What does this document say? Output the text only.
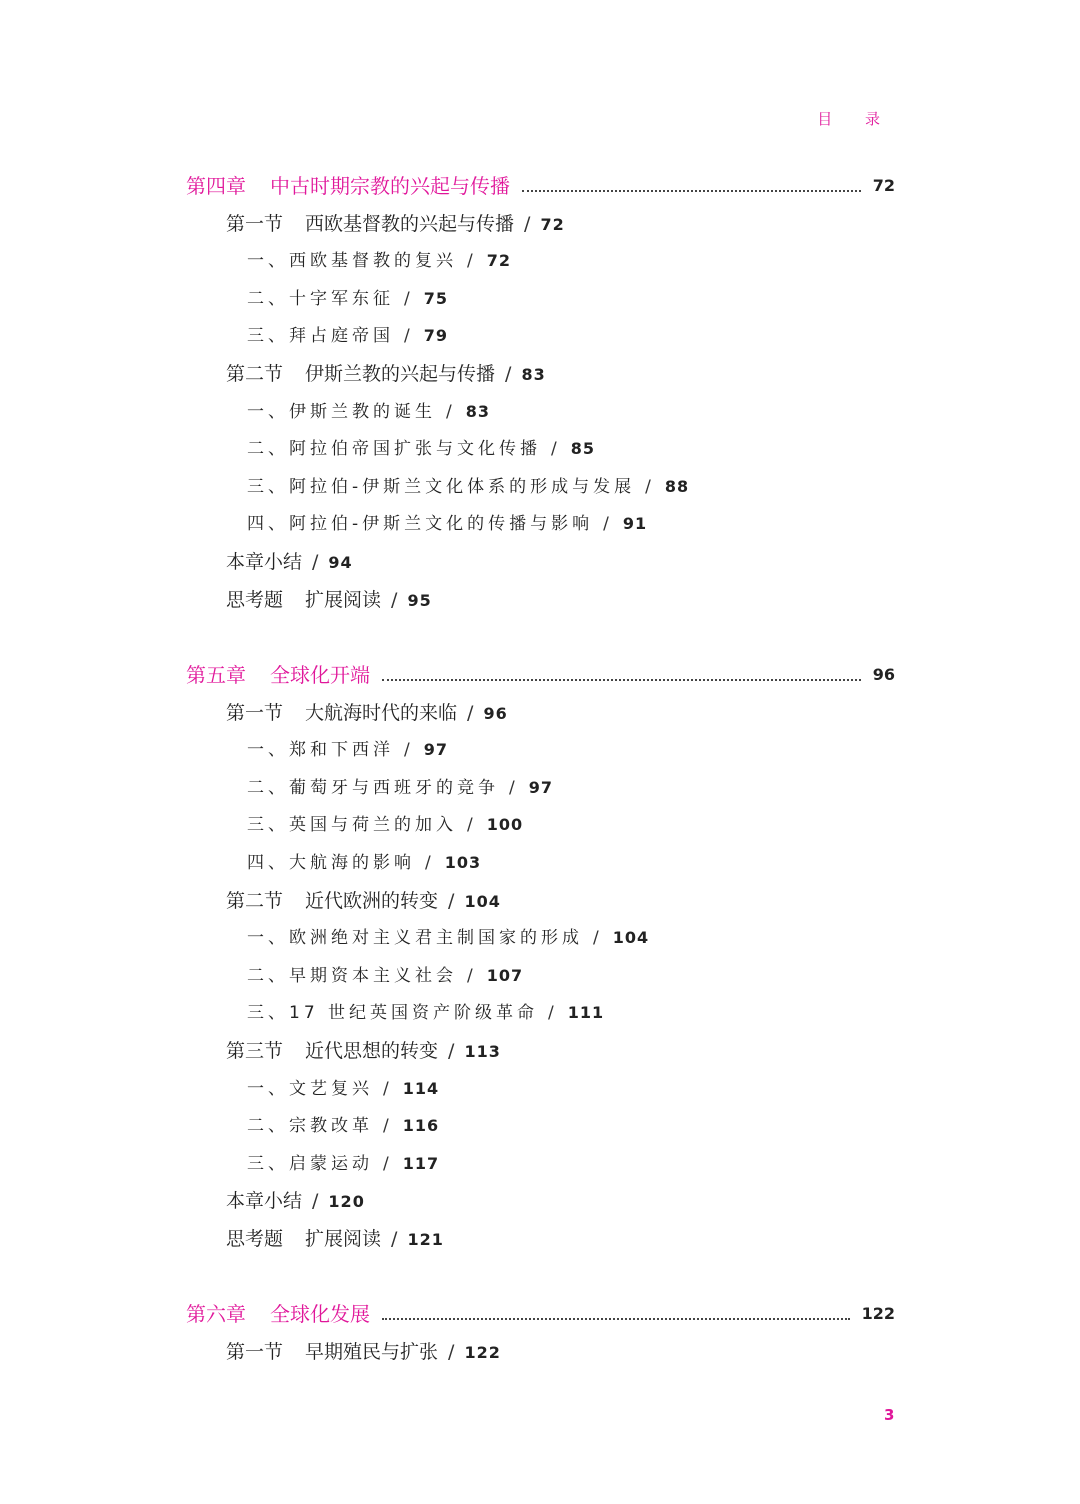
目 录
第四章 中古时期宗教的兴起与传播	72
第一节 西欧基督教的兴起与传播 / 72
一、西欧基督教的复兴 / 72
二、十字军东征 / 75
三、拜占庭帝国 / 79
第二节 伊斯兰教的兴起与传播 / 83
一、伊斯兰教的诞生 / 83
二、阿拉伯帝国扩张与文化传播 / 85
三、阿拉伯-伊斯兰文化体系的形成与发展 / 88
四、阿拉伯-伊斯兰文化的传播与影响 / 91
本章小结 / 94
思考题 扩展阅读 / 95
第五章 全球化开端	96
第一节 大航海时代的来临 / 96
一、郑和下西洋 / 97
二、葡萄牙与西班牙的竞争 / 97
三、英国与荷兰的加入 / 100
四、大航海的影响 / 103
第二节 近代欧洲的转变 / 104
一、欧洲绝对主义君主制国家的形成 / 104
二、早期资本主义社会 / 107
三、17 世纪英国资产阶级革命 / 111
第三节 近代思想的转变 / 113
一、文艺复兴 / 114
二、宗教改革 / 116
三、启蒙运动 / 117
本章小结 / 120
思考题 扩展阅读 / 121
第六章 全球化发展	122
第一节 早期殖民与扩张 / 122
3
